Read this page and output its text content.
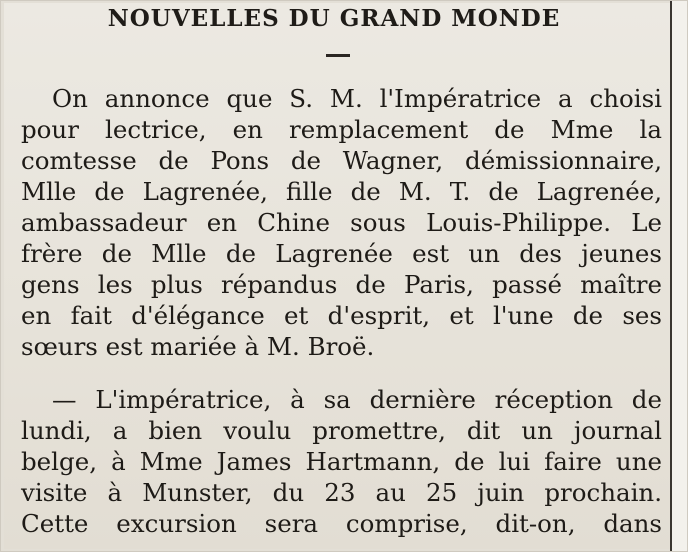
NOUVELLES DU GRAND MONDE

On annonce que S. M. l'Impératrice a choisi

pour lectrice, en remplacement de Mme la

comtesse de Pons de Wagner, démissionnaire,

Mlle de Lagrenée, fille de M. T. de Lagrenée,

ambassadeur en Chine sous Louis-Philippe. Le

frère de Mlle de Lagrenée est un des jeunes

gens les plus répandus de Paris, passé maître

en fait d'élégance et d'esprit, et l'une de ses

sœurs est mariée à M. Broë.

— L'impératrice, à sa dernière réception de

lundi, a bien voulu promettre, dit un journal

belge, à Mme James Hartmann, de lui faire une

visite à Munster, du 23 au 25 juin prochain.

Cette excursion sera comprise, dit-on, dans
